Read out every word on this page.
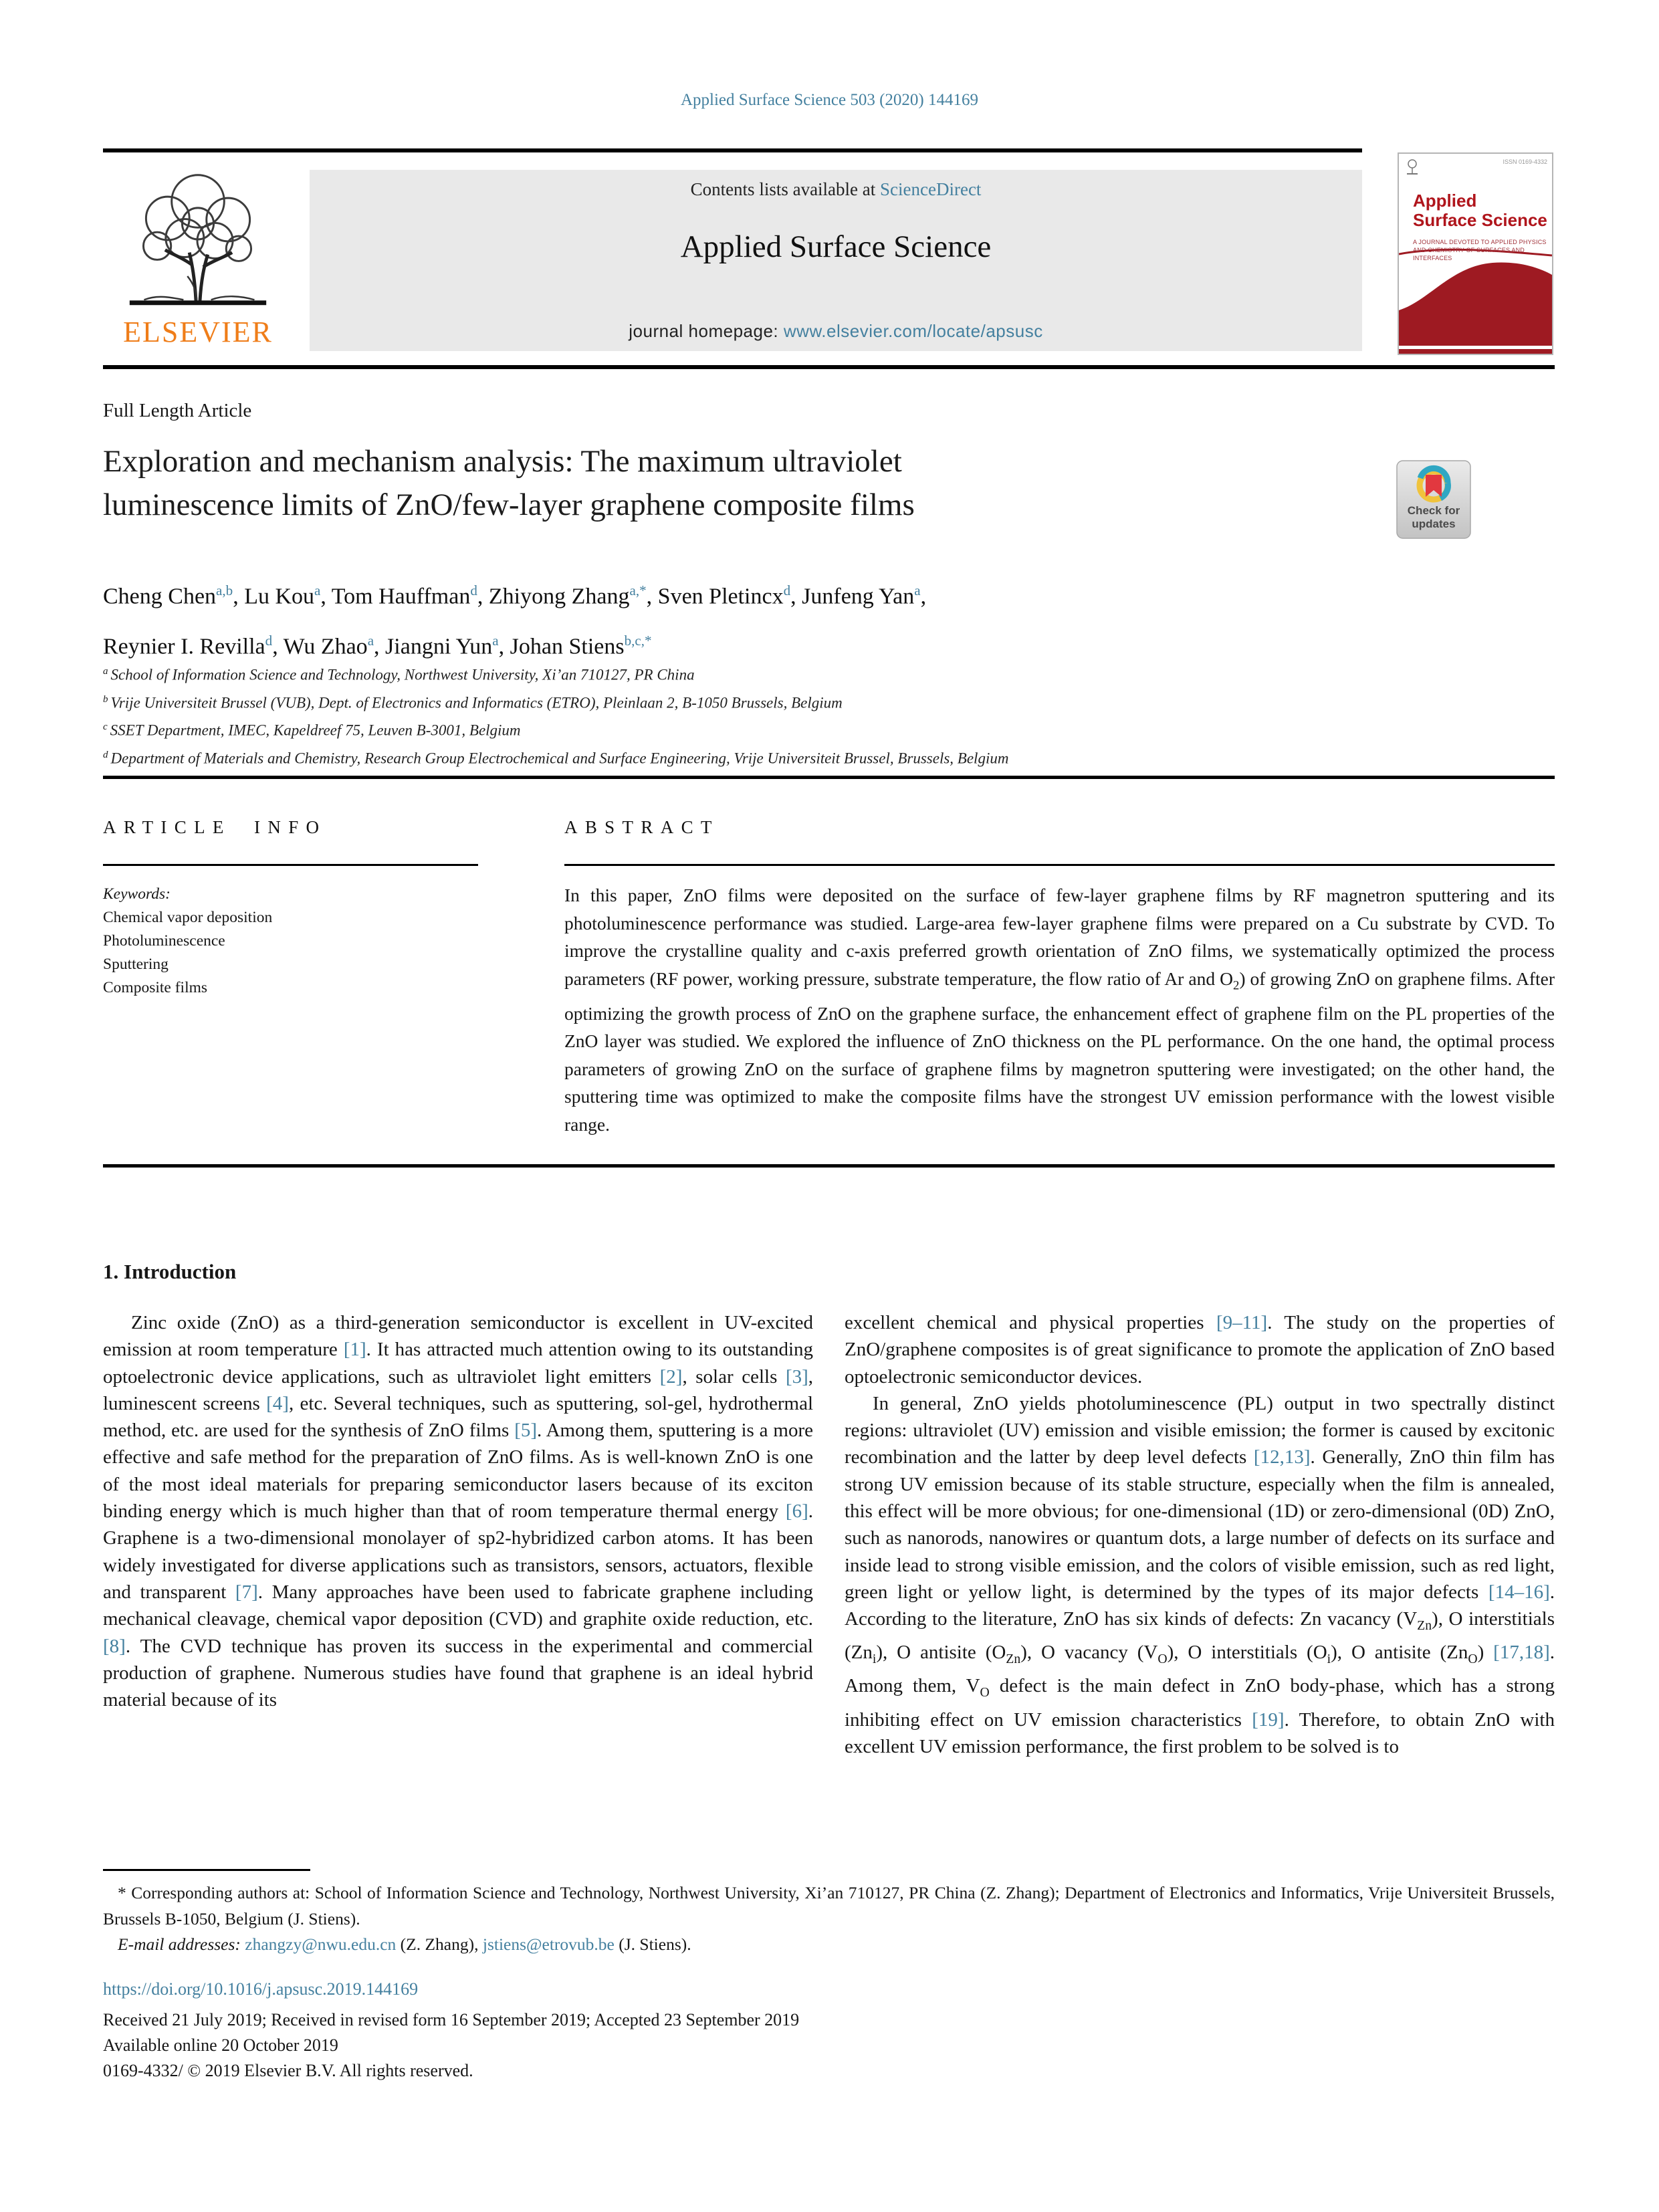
Applied Surface Science 503 (2020) 144169
ELSEVIER
Contents lists available at ScienceDirect
Applied Surface Science
journal homepage: www.elsevier.com/locate/apsusc
ISSN 0169-4332
Applied
Surface Science
A JOURNAL DEVOTED TO APPLIED PHYSICS
AND CHEMISTRY OF SURFACES AND INTERFACES
Full Length Article
Exploration and mechanism analysis: The maximum ultraviolet
luminescence limits of ZnO/few-layer graphene composite films	Check for updates
Cheng Chen$^{a,b}$, Lu Kou$^a$, Tom Hauffman$^d$, Zhiyong Zhang$^{a,*}$, Sven Pletincx$^d$, Junfeng Yan$^a$,
Reynier I. Revilla$^d$, Wu Zhao$^a$, Jiangni Yun$^a$, Johan Stiens$^{b,c,*}$
$^a$ School of Information Science and Technology, Northwest University, Xi’an 710127, PR China
$^b$ Vrije Universiteit Brussel (VUB), Dept. of Electronics and Informatics (ETRO), Pleinlaan 2, B-1050 Brussels, Belgium
$^c$ SSET Department, IMEC, Kapeldreef 75, Leuven B-3001, Belgium
$^d$ Department of Materials and Chemistry, Research Group Electrochemical and Surface Engineering, Vrije Universiteit Brussel, Brussels, Belgium
ARTICLE INFO	ABSTRACT
Keywords:
Chemical vapor deposition
Photoluminescence
Sputtering
Composite films
In this paper, ZnO films were deposited on the surface of few-layer graphene films by RF magnetron sputtering and its photoluminescence performance was studied. Large-area few-layer graphene films were prepared on a Cu substrate by CVD. To improve the crystalline quality and c-axis preferred growth orientation of ZnO films, we systematically optimized the process parameters (RF power, working pressure, substrate temperature, the flow ratio of Ar and $O_2$) of growing ZnO on graphene films. After optimizing the growth process of ZnO on the graphene surface, the enhancement effect of graphene film on the PL properties of the ZnO layer was studied. We explored the influence of ZnO thickness on the PL performance. On the one hand, the optimal process parameters of growing ZnO on the surface of graphene films by magnetron sputtering were investigated; on the other hand, the sputtering time was optimized to make the composite films have the strongest UV emission performance with the lowest visible range.
1. Introduction

Zinc oxide (ZnO) as a third-generation semiconductor is excellent in UV-excited emission at room temperature [1]. It has attracted much attention owing to its outstanding optoelectronic device applications, such as ultraviolet light emitters [2], solar cells [3], luminescent screens [4], etc. Several techniques, such as sputtering, sol-gel, hydrothermal method, etc. are used for the synthesis of ZnO films [5]. Among them, sputtering is a more effective and safe method for the preparation of ZnO films. As is well-known ZnO is one of the most ideal materials for preparing semiconductor lasers because of its exciton binding energy which is much higher than that of room temperature thermal energy [6]. Graphene is a two-dimensional monolayer of sp2-hybridized carbon atoms. It has been widely investigated for diverse applications such as transistors, sensors, actuators, flexible and transparent [7]. Many approaches have been used to fabricate graphene including mechanical cleavage, chemical vapor deposition (CVD) and graphite oxide reduction, etc. [8]. The CVD technique has proven its success in the experimental and commercial production of graphene. Numerous studies have found that graphene is an ideal hybrid material because of its

excellent chemical and physical properties [9–11]. The study on the properties of ZnO/graphene composites is of great significance to promote the application of ZnO based optoelectronic semiconductor devices.

In general, ZnO yields photoluminescence (PL) output in two spectrally distinct regions: ultraviolet (UV) emission and visible emission; the former is caused by excitonic recombination and the latter by deep level defects [12,13]. Generally, ZnO thin film has strong UV emission because of its stable structure, especially when the film is annealed, this effect will be more obvious; for one-dimensional (1D) or zero-dimensional (0D) ZnO, such as nanorods, nanowires or quantum dots, a large number of defects on its surface and inside lead to strong visible emission, and the colors of visible emission, such as red light, green light or yellow light, is determined by the types of its major defects [14–16]. According to the literature, ZnO has six kinds of defects: Zn vacancy $(V_{Zn})$, O interstitials $(Zn_i)$, O antisite $(O_{Zn})$, O vacancy $(V_O)$, O interstitials $(O_i)$, O antisite $(Zn_O)$ [17,18]. Among them, $V_O$ defect is the main defect in ZnO body-phase, which has a strong inhibiting effect on UV emission characteristics [19]. Therefore, to obtain ZnO with excellent UV emission performance, the first problem to be solved is to

* Corresponding authors at: School of Information Science and Technology, Northwest University, Xi’an 710127, PR China (Z. Zhang); Department of Electronics and Informatics, Vrije Universiteit Brussels, Brussels B-1050, Belgium (J. Stiens).

E-mail addresses: zhangzy@nwu.edu.cn (Z. Zhang), jstiens@etrovub.be (J. Stiens).

https://doi.org/10.1016/j.apsusc.2019.144169
Received 21 July 2019; Received in revised form 16 September 2019; Accepted 23 September 2019
Available online 20 October 2019
0169-4332/ © 2019 Elsevier B.V. All rights reserved.
